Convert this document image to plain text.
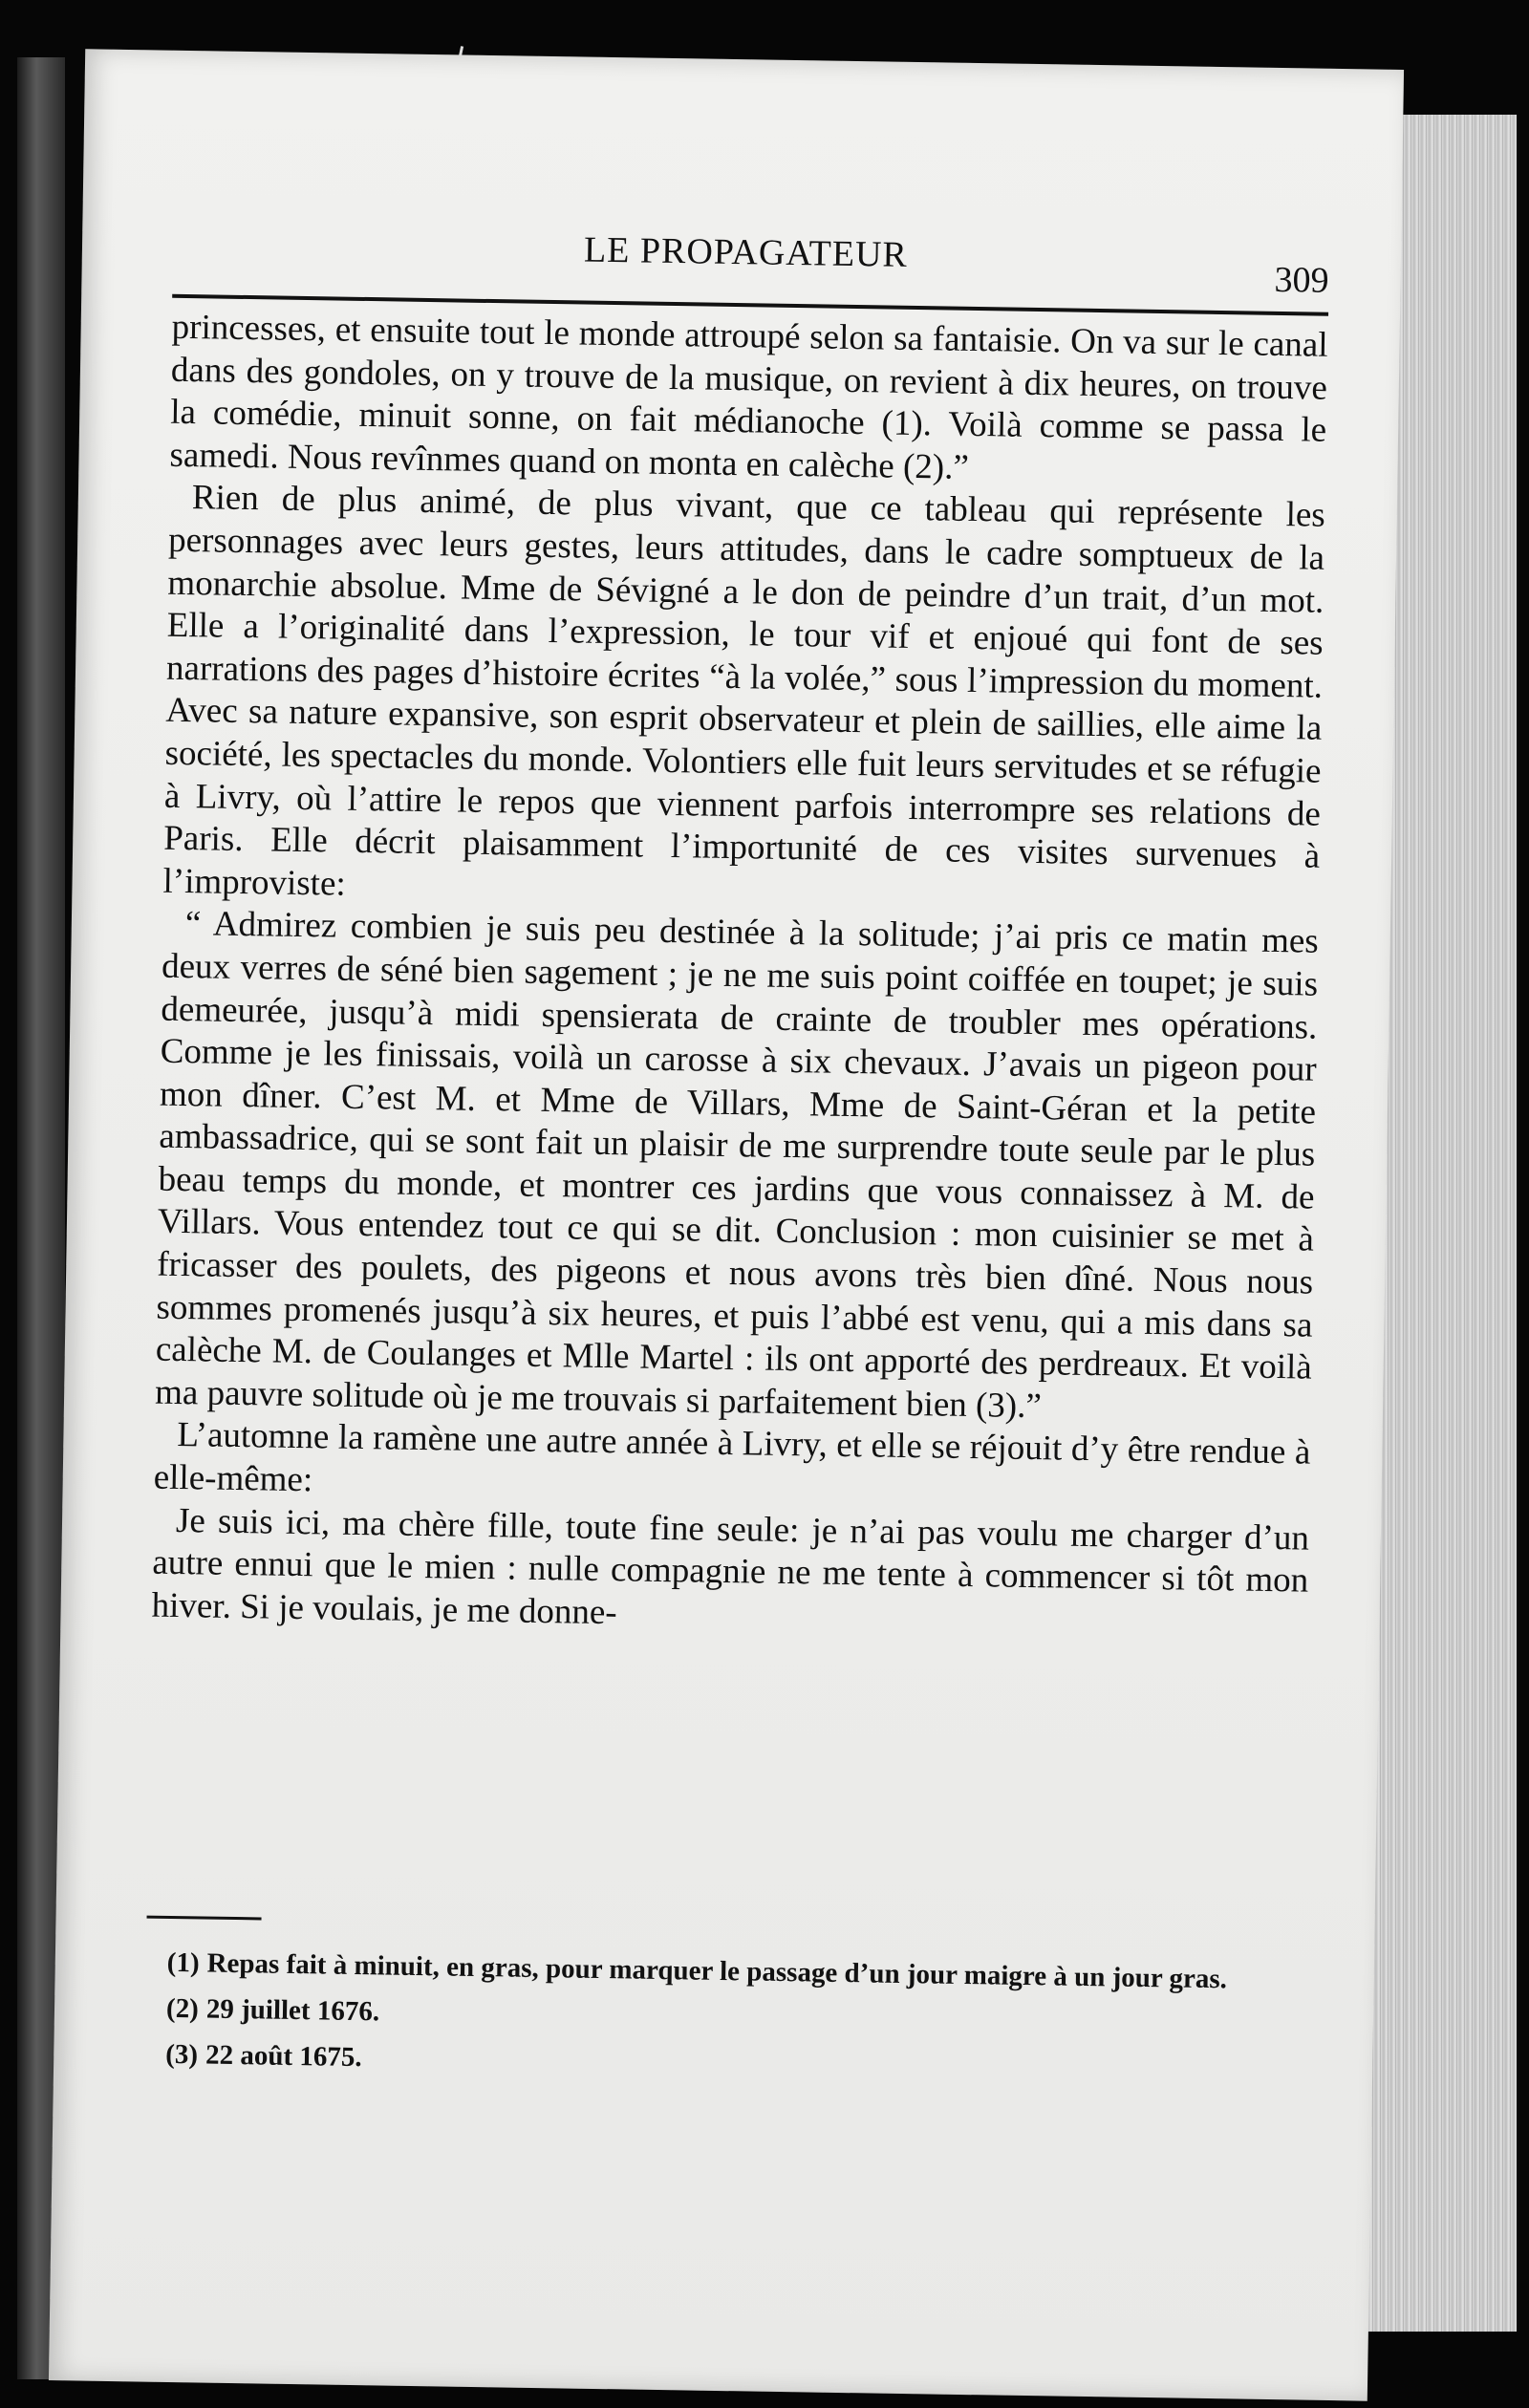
LE PROPAGATEUR
309

princesses, et ensuite tout le monde attroupé selon sa fantaisie. On va sur le canal dans des gondoles, on y trouve de la musique, on revient à dix heures, on trouve la comédie, minuit sonne, on fait médianoche (1). Voilà comme se passa le samedi. Nous revînmes quand on monta en calèche (2).”

Rien de plus animé, de plus vivant, que ce tableau qui représente les personnages avec leurs gestes, leurs attitudes, dans le cadre somptueux de la monarchie absolue. Mme de Sévigné a le don de peindre d’un trait, d’un mot. Elle a l’originalité dans l’expression, le tour vif et enjoué qui font de ses narrations des pages d’histoire écrites “à la volée,” sous l’impression du moment. Avec sa nature expansive, son esprit observateur et plein de saillies, elle aime la société, les spectacles du monde. Volontiers elle fuit leurs servitudes et se réfugie à Livry, où l’attire le repos que viennent parfois interrompre ses relations de Paris. Elle décrit plaisamment l’importunité de ces visites survenues à l’improviste:

“ Admirez combien je suis peu destinée à la solitude; j’ai pris ce matin mes deux verres de séné bien sagement ; je ne me suis point coiffée en toupet; je suis demeurée, jusqu’à midi spensierata de crainte de troubler mes opérations. Comme je les finissais, voilà un carosse à six chevaux. J’avais un pigeon pour mon dîner. C’est M. et Mme de Villars, Mme de Saint-Géran et la petite ambassadrice, qui se sont fait un plaisir de me surprendre toute seule par le plus beau temps du monde, et montrer ces jardins que vous connaissez à M. de Villars. Vous entendez tout ce qui se dit. Conclusion : mon cuisinier se met à fricasser des poulets, des pigeons et nous avons très bien dîné. Nous nous sommes promenés jusqu’à six heures, et puis l’abbé est venu, qui a mis dans sa calèche M. de Coulanges et Mlle Martel : ils ont apporté des perdreaux. Et voilà ma pauvre solitude où je me trouvais si parfaitement bien (3).”

L’automne la ramène une autre année à Livry, et elle se réjouit d’y être rendue à elle-même:

Je suis ici, ma chère fille, toute fine seule: je n’ai pas voulu me charger d’un autre ennui que le mien : nulle compagnie ne me tente à commencer si tôt mon hiver. Si je voulais, je me donne-

(1) Repas fait à minuit, en gras, pour marquer le passage d’un jour maigre à un jour gras.

(2) 29 juillet 1676.

(3) 22 août 1675.
